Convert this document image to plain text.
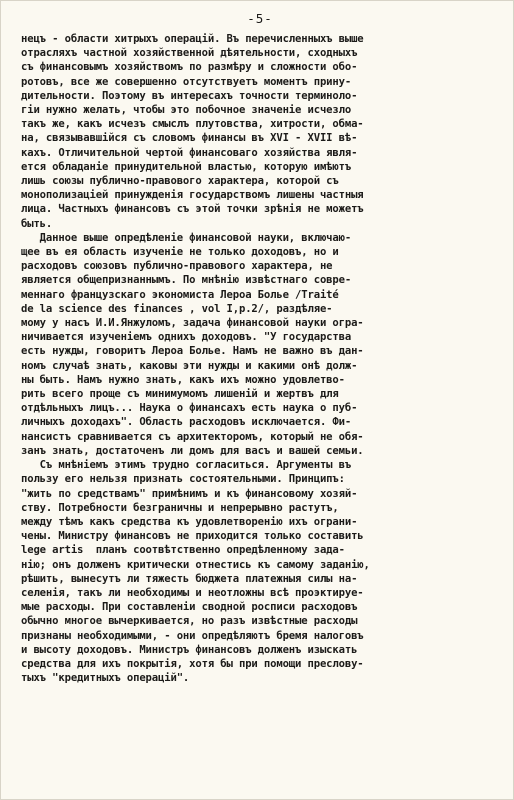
-5-
нецъ - области хитрыхъ операцій. Въ перечисленныхъ выше
отрасляхъ частной хозяйственной дѣятельности, сходныхъ
съ финансовымъ хозяйствомъ по размѣру и сложности обо-
ротовъ, все же совершенно отсутствуетъ моментъ прину-
дительности. Поэтому въ интересахъ точности терминоло-
гіи нужно желать, чтобы это побочное значеніе исчезло
такъ же, какъ исчезъ смыслъ плутовства, хитрости, обма-
на, связывавшійся съ словомъ финансы въ XVI - XVII вѣ-
кахъ. Отличительной чертой финансоваго хозяйства явля-
ется обладаніе принудительной властью, которую имѣютъ
лишь союзы публично-правового характера, которой съ
монополизаціей принужденія государствомъ лишены частныя
лица. Частныхъ финансовъ съ этой точки зрѣнія не можетъ
быть.
Данное выше опредѣленіе финансовой науки, включаю-
щее въ ея область изученіе не только доходовъ, но и
расходовъ союзовъ публично-правового характера, не
является общепризнаннымъ. По мнѣнію извѣстнаго совре-
меннаго французскаго экономиста Лероа Болье /Traité
de la science des finances , vol I,p.2/, раздѣляе-
мому у насъ И.И.Янжуломъ, задача финансовой науки огра-
ничивается изученіемъ однихъ доходовъ. "У государства
есть нужды, говоритъ Лероа Болье. Намъ не важно въ дан-
номъ случаѣ знать, каковы эти нужды и какими онѣ долж-
ны быть. Намъ нужно знать, какъ ихъ можно удовлетво-
рить всего проще съ минимумомъ лишеній и жертвъ для
отдѣльныхъ лицъ... Наука о финансахъ есть наука о пуб-
личныхъ доходахъ". Область расходовъ исключается. Фи-
нансистъ сравнивается съ архитекторомъ, который не обя-
занъ знать, достаточенъ ли домъ для васъ и вашей семьи.
Съ мнѣніемъ этимъ трудно согласиться. Аргументы въ
пользу его нельзя признать состоятельными. Принципъ:
"жить по средствамъ" примѣнимъ и къ финансовому хозяй-
ству. Потребности безграничны и непрерывно растутъ,
между тѣмъ какъ средства къ удовлетворенію ихъ ограни-
чены. Министру финансовъ не приходится только составить
lege artis  планъ соотвѣтственно опредѣленному зада-
нію; онъ долженъ критически отнестись къ самому заданію,
рѣшить, вынесутъ ли тяжесть бюджета платежныя силы на-
селенія, такъ ли необходимы и неотложны всѣ проэктируе-
мые расходы. При составленіи сводной росписи расходовъ
обычно многое вычеркивается, но разъ извѣстные расходы
признаны необходимыми, - они опредѣляютъ бремя налоговъ
и высоту доходовъ. Министръ финансовъ долженъ изыскать
средства для ихъ покрытія, хотя бы при помощи пресловy-
тыхъ "кредитныхъ операцій".
